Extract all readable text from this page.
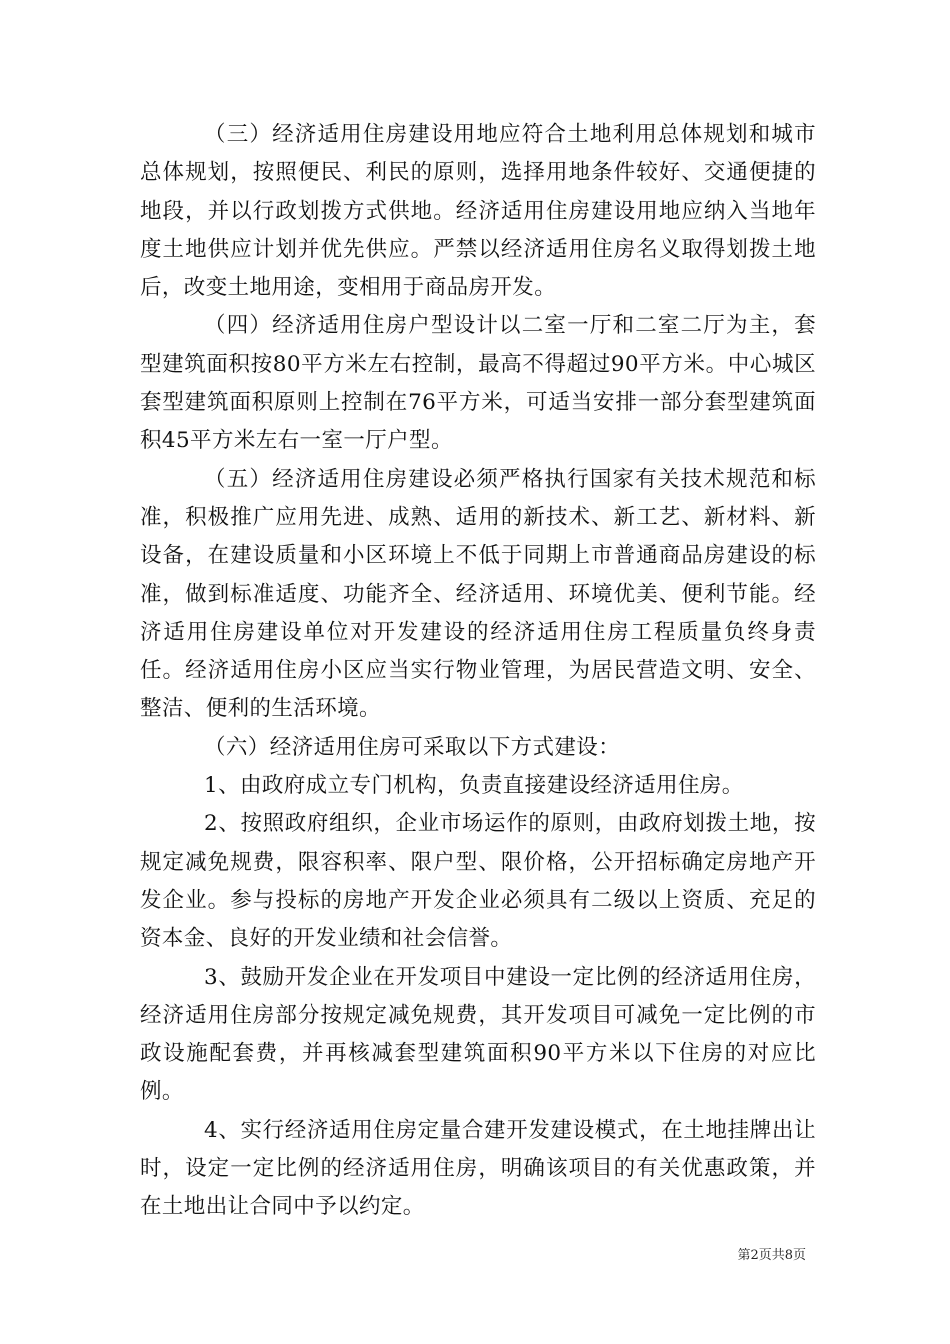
（三）经济适用住房建设用地应符合土地利用总体规划和城市总体规划，按照便民、利民的原则，选择用地条件较好、交通便捷的地段，并以行政划拨方式供地。经济适用住房建设用地应纳入当地年度土地供应计划并优先供应。严禁以经济适用住房名义取得划拨土地后，改变土地用途，变相用于商品房开发。

（四）经济适用住房户型设计以二室一厅和二室二厅为主，套型建筑面积按80平方米左右控制，最高不得超过90平方米。中心城区套型建筑面积原则上控制在76平方米，可适当安排一部分套型建筑面积45平方米左右一室一厅户型。

（五）经济适用住房建设必须严格执行国家有关技术规范和标准，积极推广应用先进、成熟、适用的新技术、新工艺、新材料、新设备，在建设质量和小区环境上不低于同期上市普通商品房建设的标准，做到标准适度、功能齐全、经济适用、环境优美、便利节能。经济适用住房建设单位对开发建设的经济适用住房工程质量负终身责任。经济适用住房小区应当实行物业管理，为居民营造文明、安全、整洁、便利的生活环境。

（六）经济适用住房可采取以下方式建设：

1、由政府成立专门机构，负责直接建设经济适用住房。

2、按照政府组织，企业市场运作的原则，由政府划拨土地，按规定减免规费，限容积率、限户型、限价格，公开招标确定房地产开发企业。参与投标的房地产开发企业必须具有二级以上资质、充足的资本金、良好的开发业绩和社会信誉。

3、鼓励开发企业在开发项目中建设一定比例的经济适用住房，经济适用住房部分按规定减免规费，其开发项目可减免一定比例的市政设施配套费，并再核减套型建筑面积90平方米以下住房的对应比例。

4、实行经济适用住房定量合建开发建设模式，在土地挂牌出让时，设定一定比例的经济适用住房，明确该项目的有关优惠政策，并在土地出让合同中予以约定。

第2页共8页
